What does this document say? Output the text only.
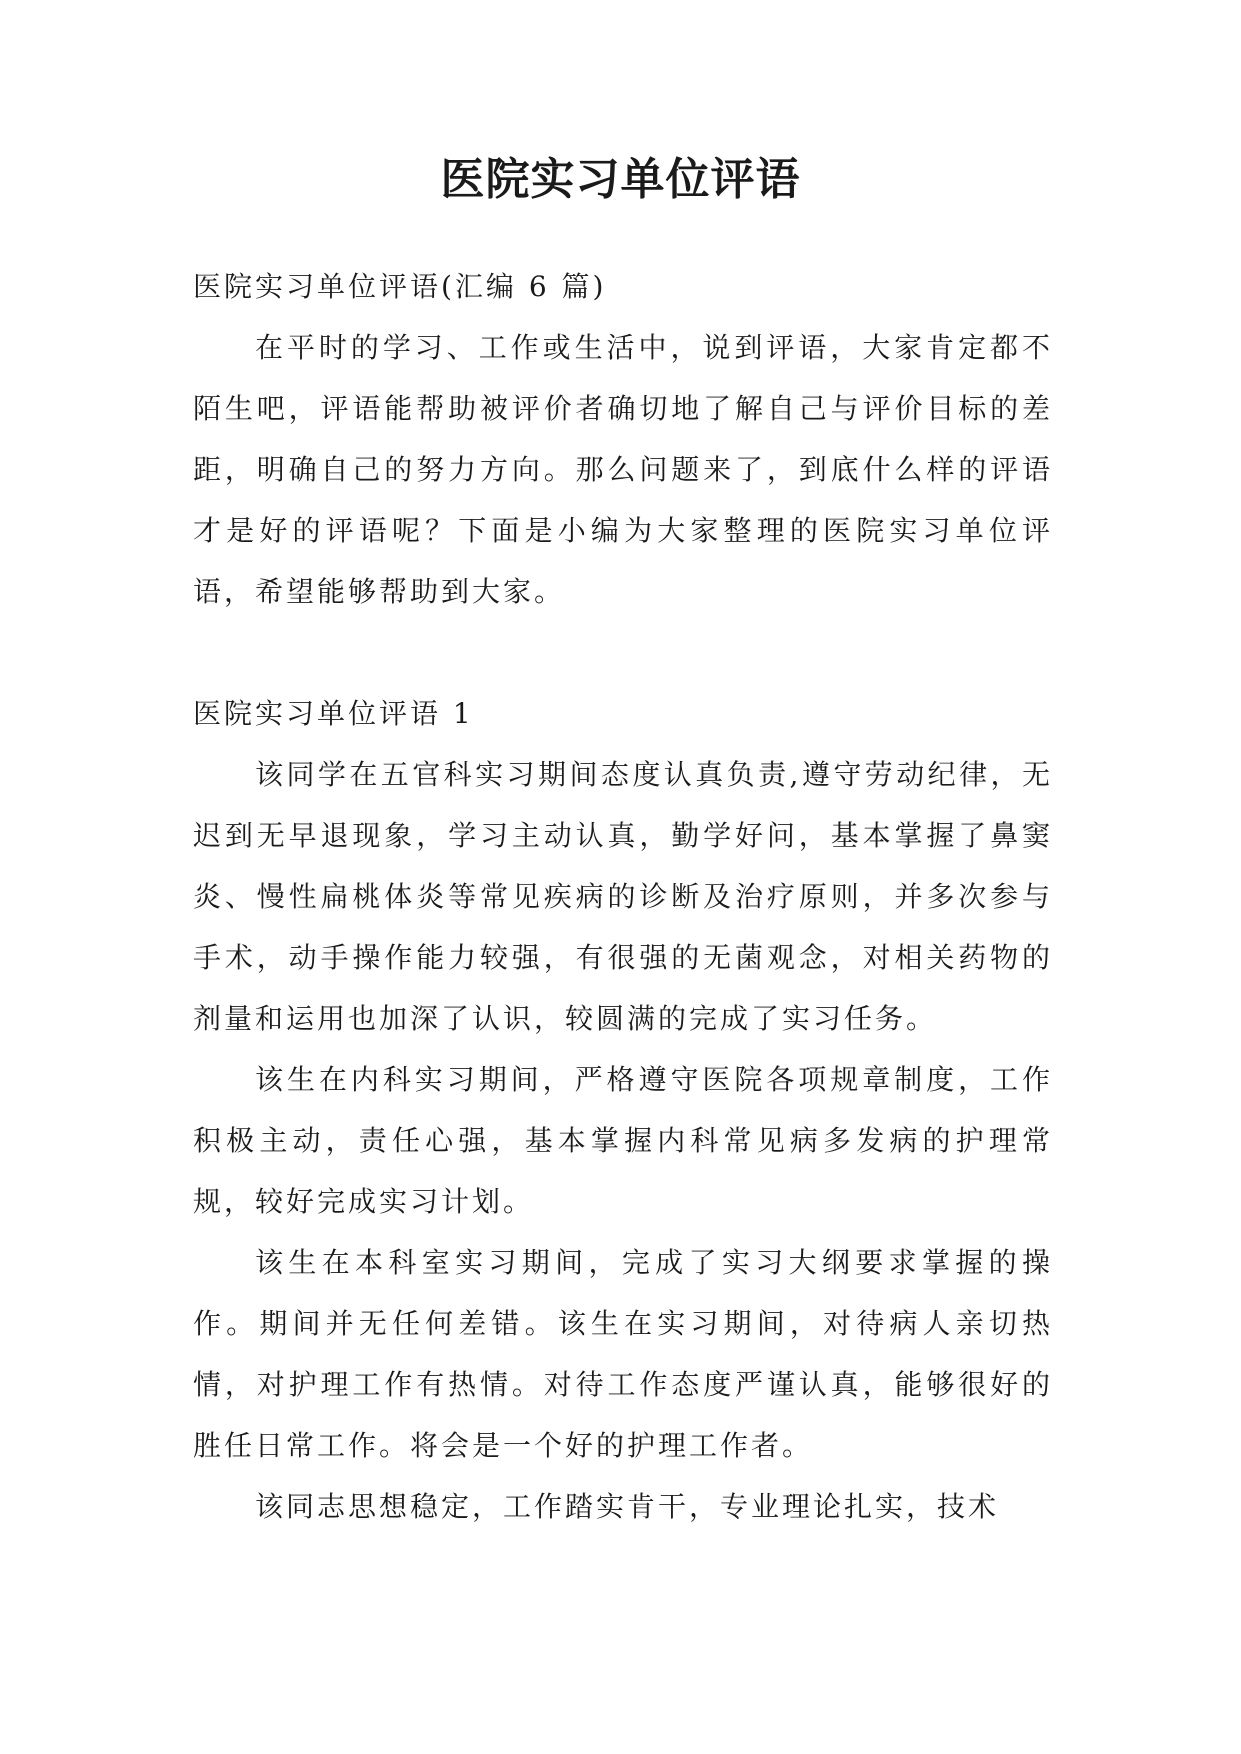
医院实习单位评语

医院实习单位评语(汇编 6 篇)

在平时的学习、工作或生活中，说到评语，大家肯定都不陌生吧，评语能帮助被评价者确切地了解自己与评价目标的差距，明确自己的努力方向。那么问题来了，到底什么样的评语才是好的评语呢？下面是小编为大家整理的医院实习单位评语，希望能够帮助到大家。

医院实习单位评语 1

该同学在五官科实习期间态度认真负责,遵守劳动纪律，无迟到无早退现象，学习主动认真，勤学好问，基本掌握了鼻窦炎、慢性扁桃体炎等常见疾病的诊断及治疗原则，并多次参与手术，动手操作能力较强，有很强的无菌观念，对相关药物的剂量和运用也加深了认识，较圆满的完成了实习任务。

该生在内科实习期间，严格遵守医院各项规章制度，工作积极主动，责任心强，基本掌握内科常见病多发病的护理常规，较好完成实习计划。

该生在本科室实习期间，完成了实习大纲要求掌握的操作。期间并无任何差错。该生在实习期间，对待病人亲切热情，对护理工作有热情。对待工作态度严谨认真，能够很好的胜任日常工作。将会是一个好的护理工作者。

该同志思想稳定，工作踏实肯干，专业理论扎实，技术
